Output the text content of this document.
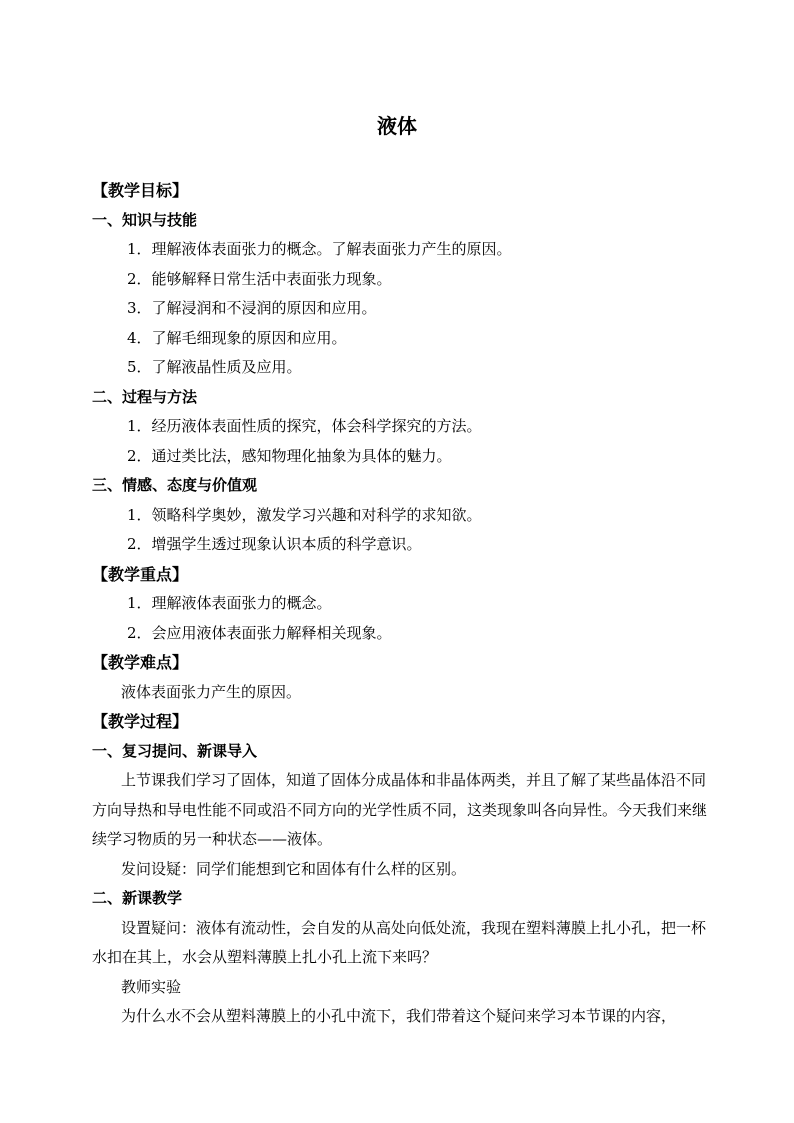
液体
【教学目标】
一、知识与技能
1．理解液体表面张力的概念。了解表面张力产生的原因。
2．能够解释日常生活中表面张力现象。
3．了解浸润和不浸润的原因和应用。
4．了解毛细现象的原因和应用。
5．了解液晶性质及应用。
二、过程与方法
1．经历液体表面性质的探究，体会科学探究的方法。
2．通过类比法，感知物理化抽象为具体的魅力。
三、情感、态度与价值观
1．领略科学奥妙，激发学习兴趣和对科学的求知欲。
2．增强学生透过现象认识本质的科学意识。
【教学重点】
1．理解液体表面张力的概念。
2．会应用液体表面张力解释相关现象。
【教学难点】
液体表面张力产生的原因。
【教学过程】
一、复习提问、新课导入
上节课我们学习了固体，知道了固体分成晶体和非晶体两类，并且了解了某些晶体沿不同方向导热和导电性能不同或沿不同方向的光学性质不同，这类现象叫各向异性。今天我们来继续学习物质的另一种状态——液体。
发问设疑：同学们能想到它和固体有什么样的区别。
二、新课教学
设置疑问：液体有流动性，会自发的从高处向低处流，我现在塑料薄膜上扎小孔，把一杯水扣在其上，水会从塑料薄膜上扎小孔上流下来吗？
教师实验
为什么水不会从塑料薄膜上的小孔中流下，我们带着这个疑问来学习本节课的内容，
